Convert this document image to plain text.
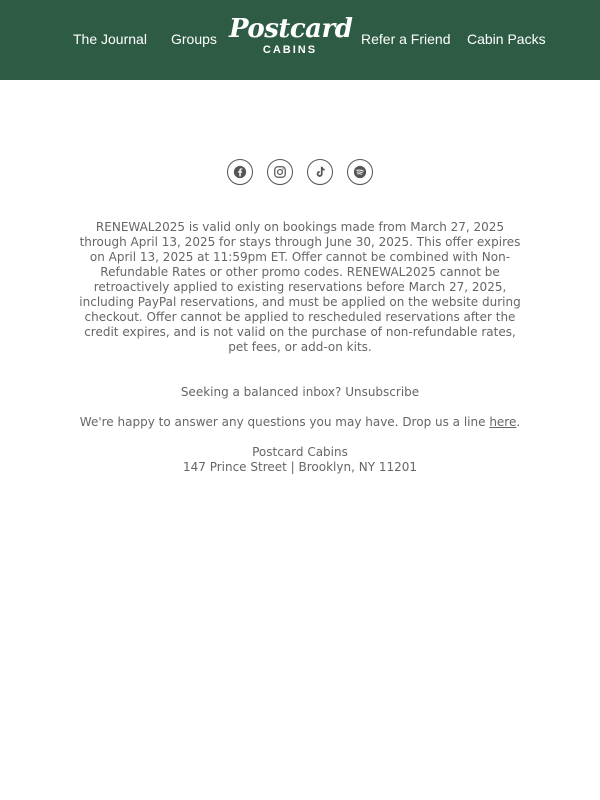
The Journal Groups Postcard
CABINS
Refer a Friend Cabin Packs
RENEWAL2025 is valid only on bookings made from March 27, 2025 through April 13, 2025 for stays through June 30, 2025. This offer expires on April 13, 2025 at 11:59pm ET. Offer cannot be combined with Non-Refundable Rates or other promo codes. RENEWAL2025 cannot be retroactively applied to existing reservations before March 27, 2025, including PayPal reservations, and must be applied on the website during checkout. Offer cannot be applied to rescheduled reservations after the credit expires, and is not valid on the purchase of non-refundable rates, pet fees, or add-on kits.
Seeking a balanced inbox? Unsubscribe
We're happy to answer any questions you may have. Drop us a line here.
Postcard Cabins
147 Prince Street | Brooklyn, NY 11201
